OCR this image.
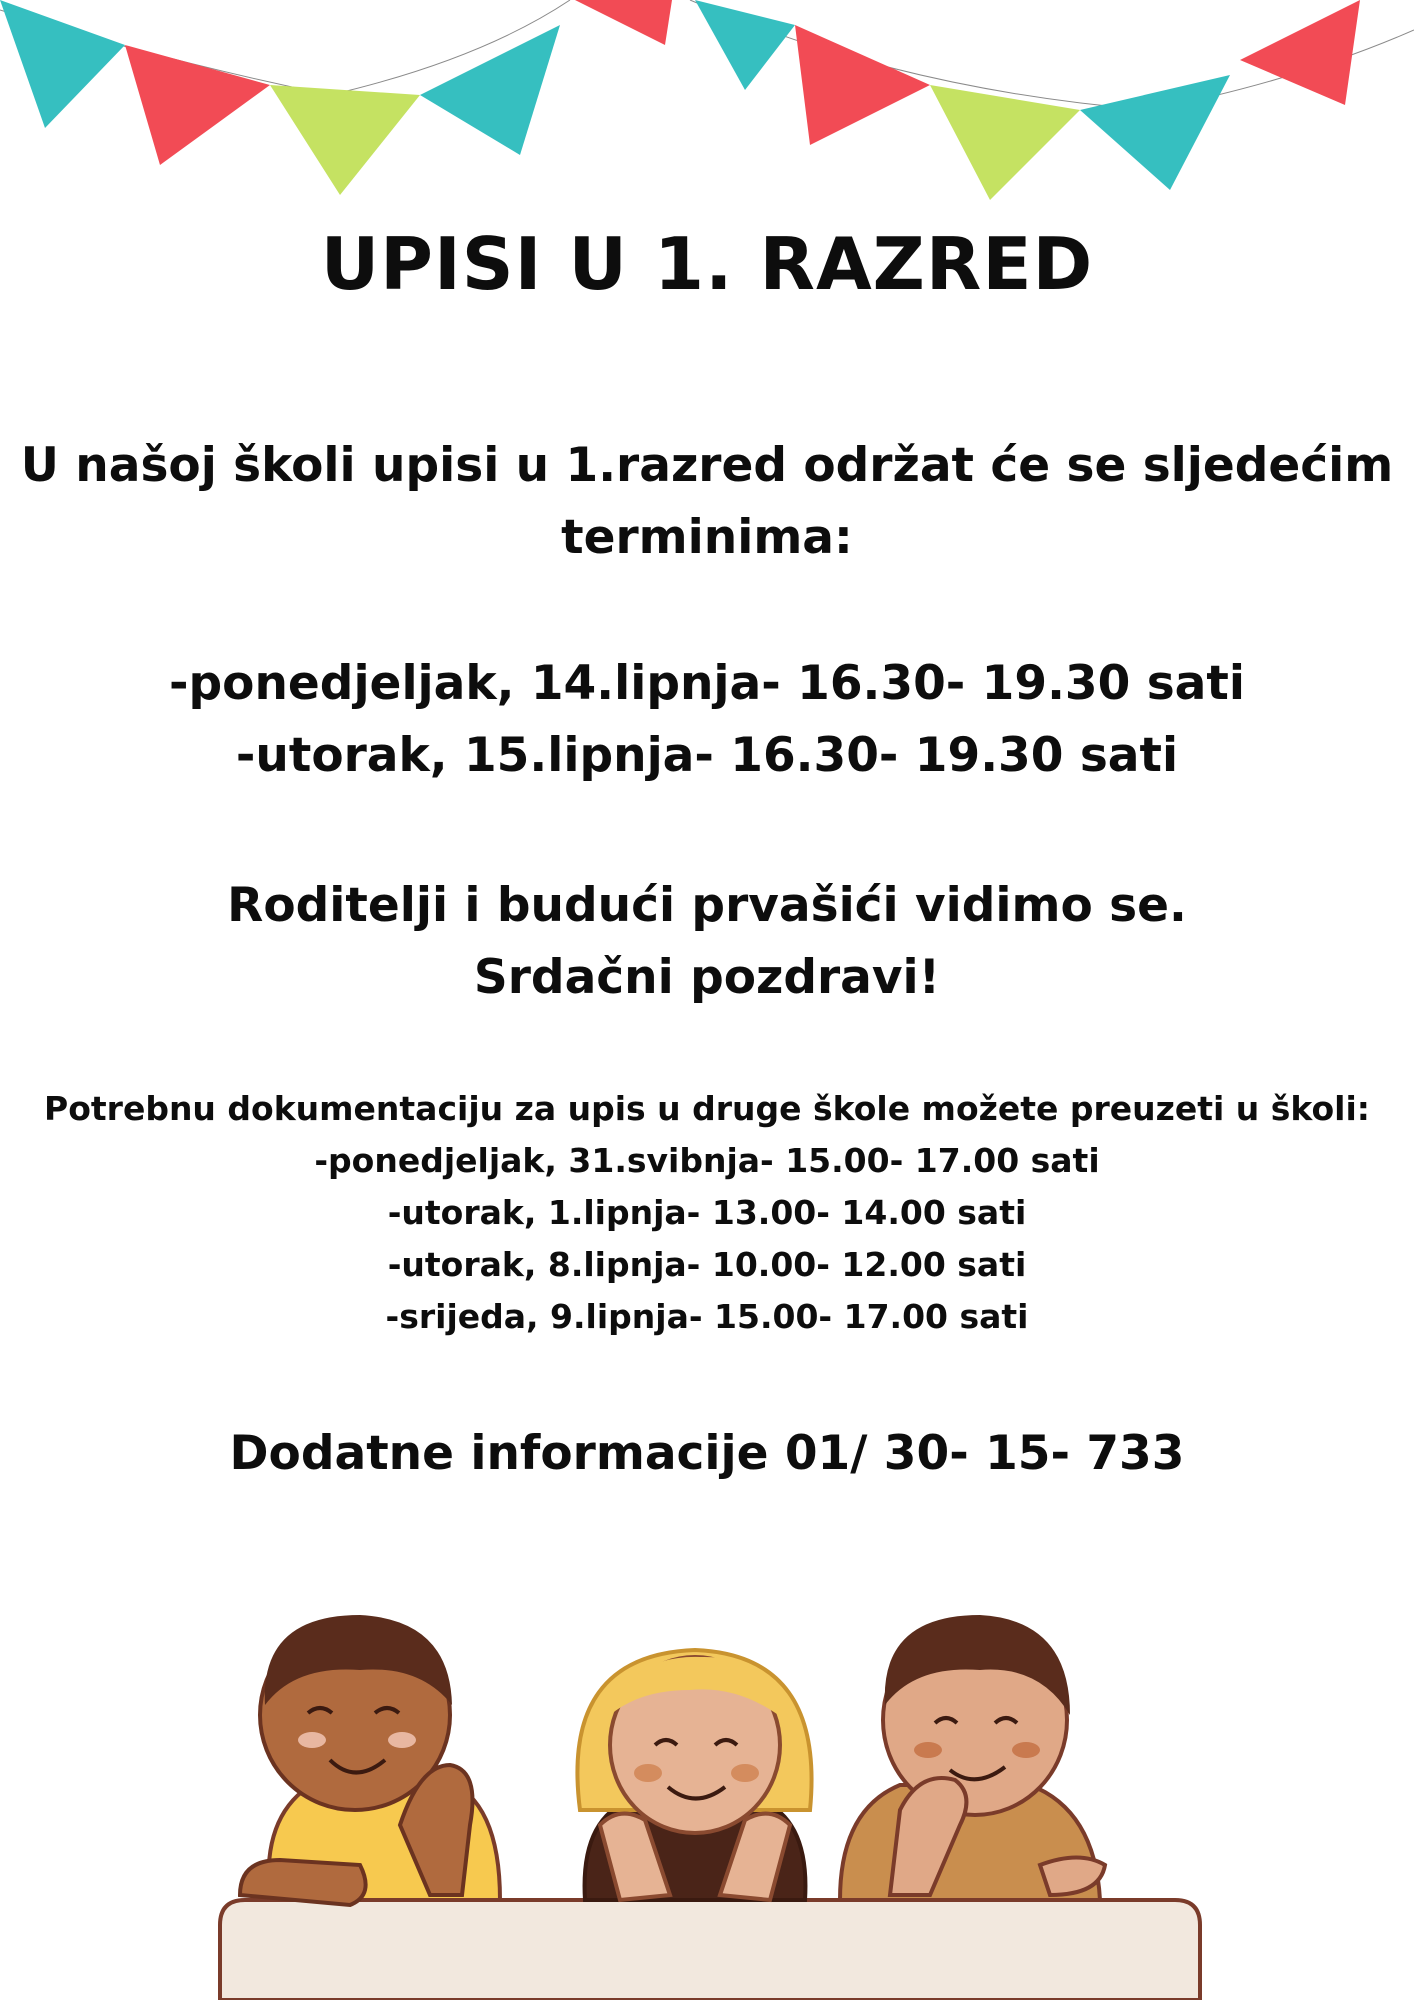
UPISI U 1. RAZRED
U našoj školi upisi u 1.razred održat će se sljedećim
terminima:
-ponedjeljak, 14.lipnja- 16.30- 19.30 sati
-utorak, 15.lipnja- 16.30- 19.30 sati
Roditelji i budući prvašići vidimo se.
Srdačni pozdravi!
Potrebnu dokumentaciju za upis u druge škole možete preuzeti u školi:
-ponedjeljak, 31.svibnja- 15.00- 17.00 sati
-utorak, 1.lipnja- 13.00- 14.00 sati
-utorak, 8.lipnja- 10.00- 12.00 sati
-srijeda, 9.lipnja- 15.00- 17.00 sati
Dodatne informacije 01/ 30- 15- 733
